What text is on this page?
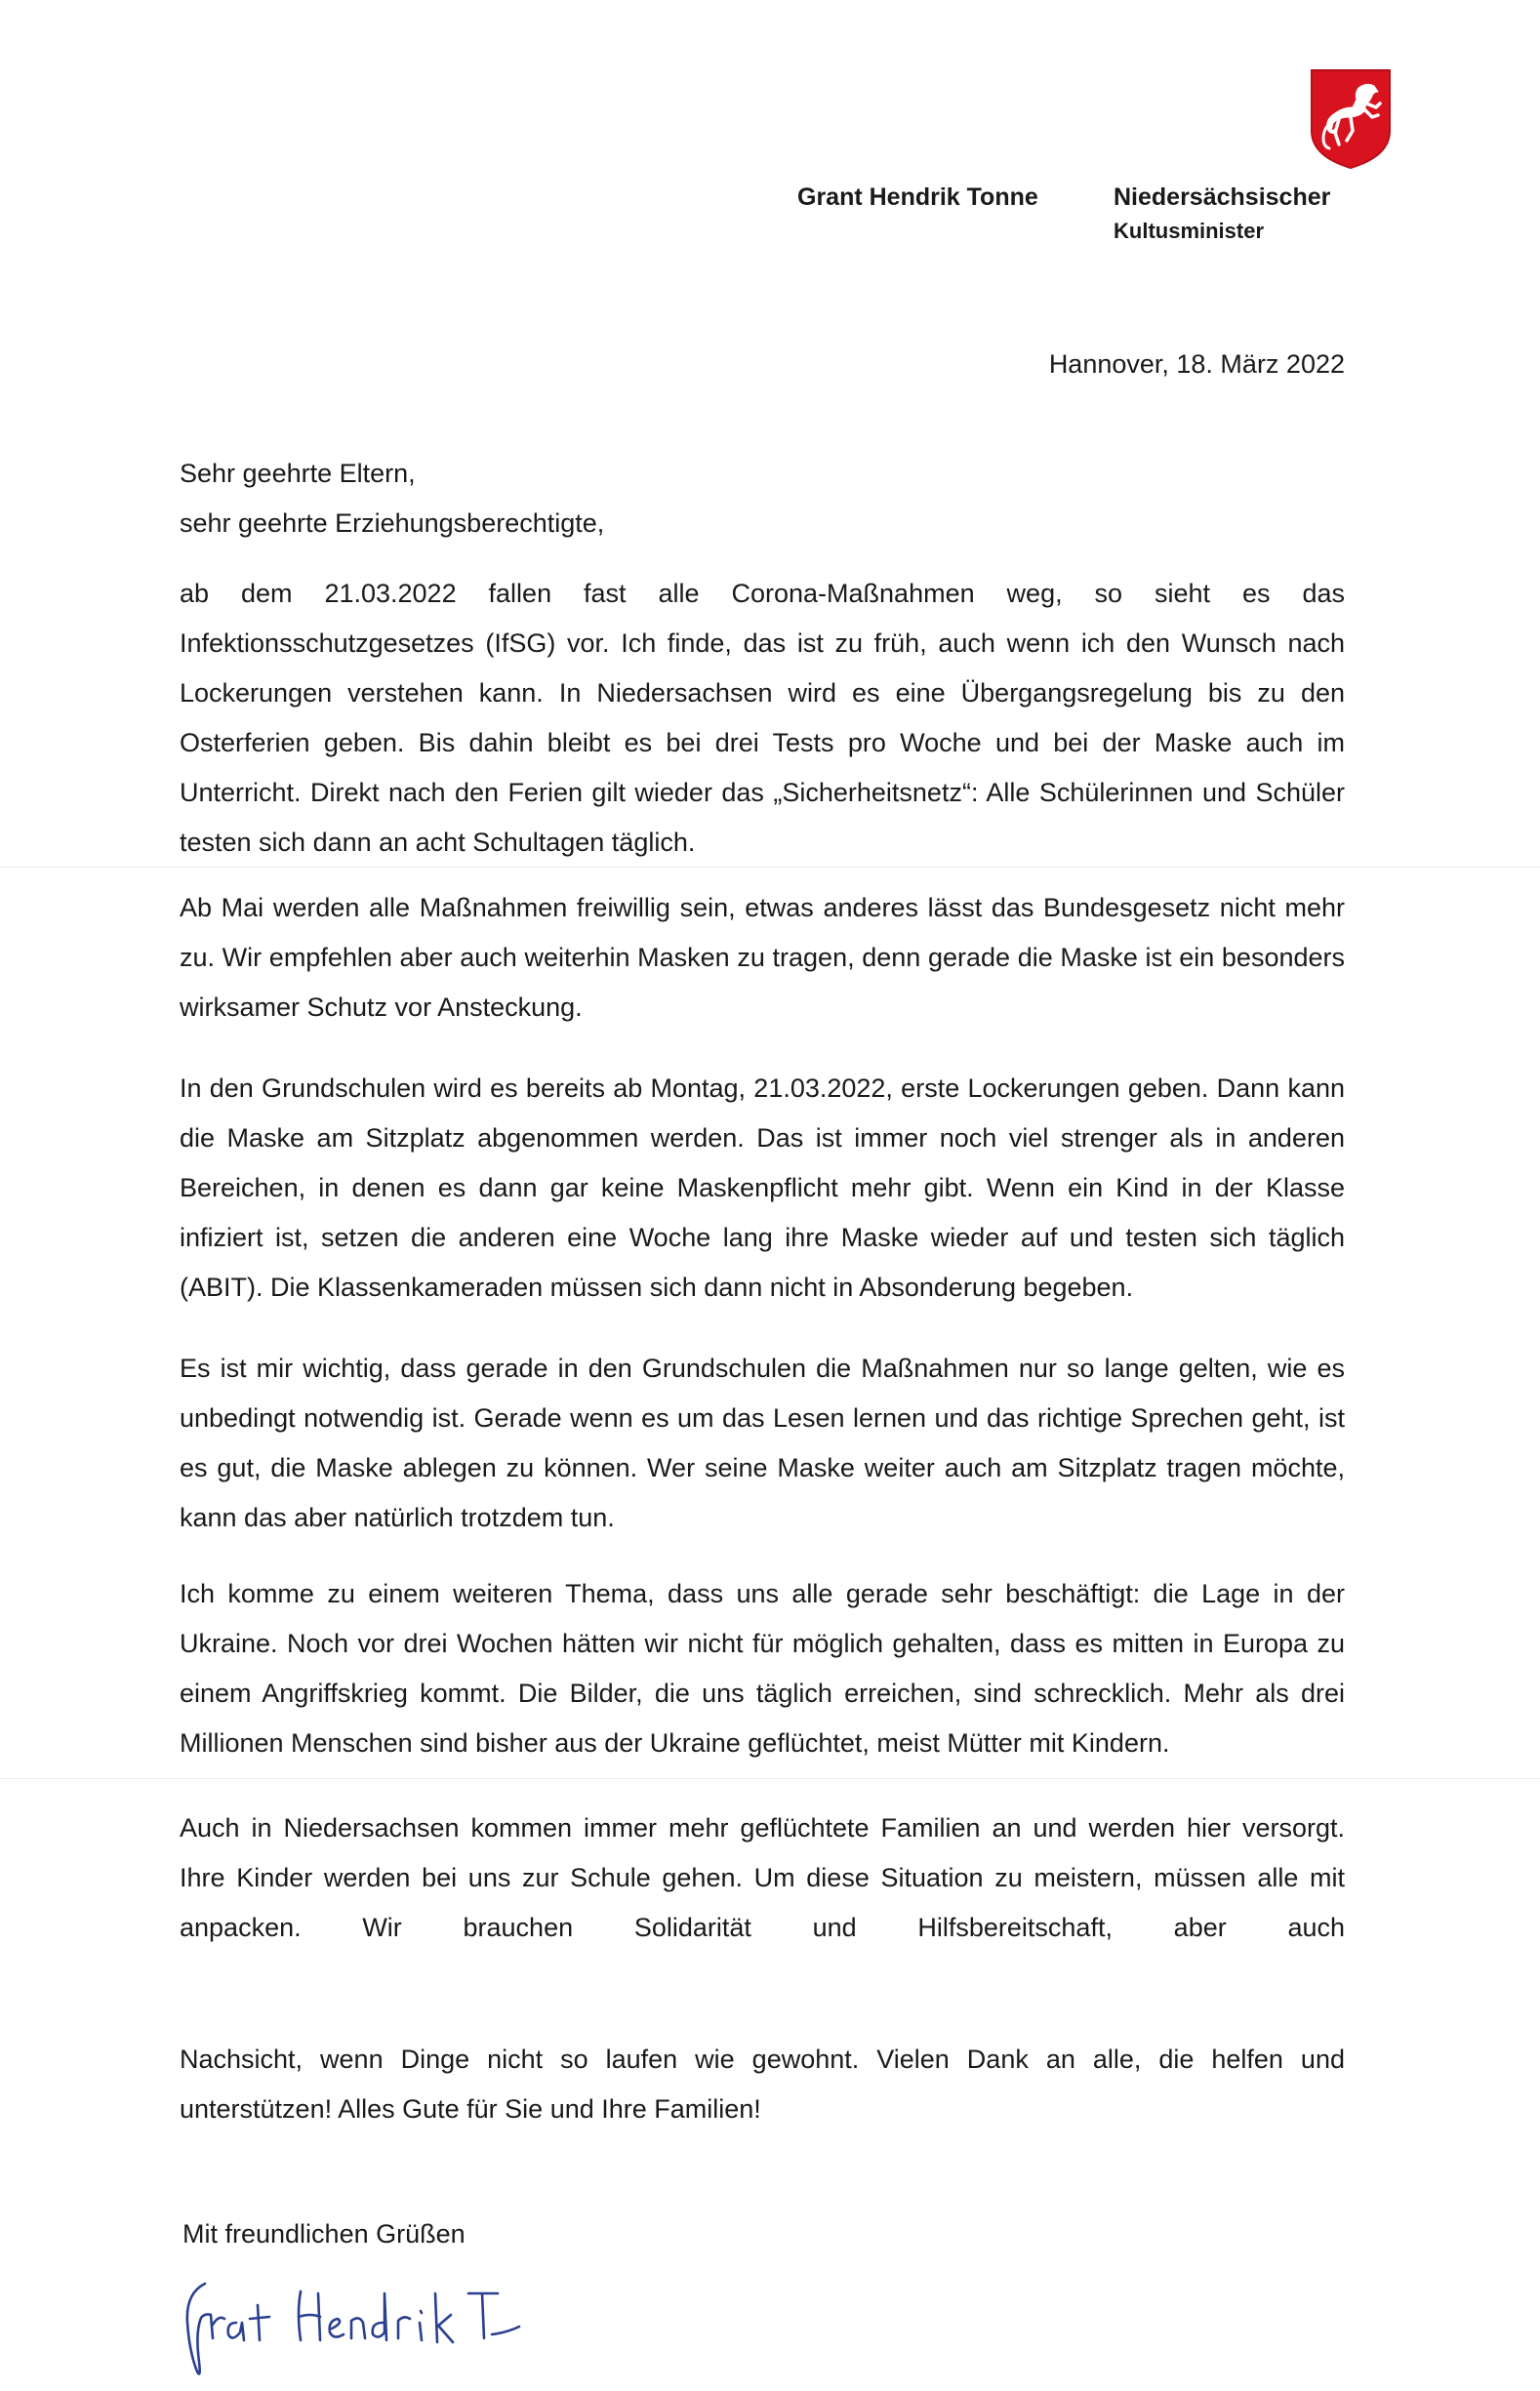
Grant Hendrik Tonne	Niedersächsischer
Kultusminister
Hannover, 18. März 2022
Sehr geehrte Eltern,
sehr geehrte Erziehungsberechtigte,

ab dem 21.03.2022 fallen fast alle Corona-Maßnahmen weg, so sieht es das Infektionsschutzgesetzes (IfSG) vor. Ich finde, das ist zu früh, auch wenn ich den Wunsch nach Lockerungen verstehen kann. In Niedersachsen wird es eine Übergangsregelung bis zu den Osterferien geben. Bis dahin bleibt es bei drei Tests pro Woche und bei der Maske auch im Unterricht. Direkt nach den Ferien gilt wieder das „Sicherheitsnetz“: Alle Schülerinnen und Schüler testen sich dann an acht Schultagen täglich.

Ab Mai werden alle Maßnahmen freiwillig sein, etwas anderes lässt das Bundesgesetz nicht mehr zu. Wir empfehlen aber auch weiterhin Masken zu tragen, denn gerade die Maske ist ein besonders wirksamer Schutz vor Ansteckung.

In den Grundschulen wird es bereits ab Montag, 21.03.2022, erste Lockerungen geben. Dann kann die Maske am Sitzplatz abgenommen werden. Das ist immer noch viel strenger als in anderen Bereichen, in denen es dann gar keine Maskenpflicht mehr gibt. Wenn ein Kind in der Klasse infiziert ist, setzen die anderen eine Woche lang ihre Maske wieder auf und testen sich täglich (ABIT). Die Klassenkameraden müssen sich dann nicht in Absonderung begeben.

Es ist mir wichtig, dass gerade in den Grundschulen die Maßnahmen nur so lange gelten, wie es unbedingt notwendig ist. Gerade wenn es um das Lesen lernen und das richtige Sprechen geht, ist es gut, die Maske ablegen zu können. Wer seine Maske weiter auch am Sitzplatz tragen möchte, kann das aber natürlich trotzdem tun.

Ich komme zu einem weiteren Thema, dass uns alle gerade sehr beschäftigt: die Lage in der Ukraine. Noch vor drei Wochen hätten wir nicht für möglich gehalten, dass es mitten in Europa zu einem Angriffskrieg kommt. Die Bilder, die uns täglich erreichen, sind schrecklich. Mehr als drei Millionen Menschen sind bisher aus der Ukraine geflüchtet, meist Mütter mit Kindern.

Auch in Niedersachsen kommen immer mehr geflüchtete Familien an und werden hier versorgt. Ihre Kinder werden bei uns zur Schule gehen. Um diese Situation zu meistern, müssen alle mit anpacken. Wir brauchen Solidarität und Hilfsbereitschaft, aber auch

Nachsicht, wenn Dinge nicht so laufen wie gewohnt. Vielen Dank an alle, die helfen und unterstützen! Alles Gute für Sie und Ihre Familien!

Mit freundlichen Grüßen
